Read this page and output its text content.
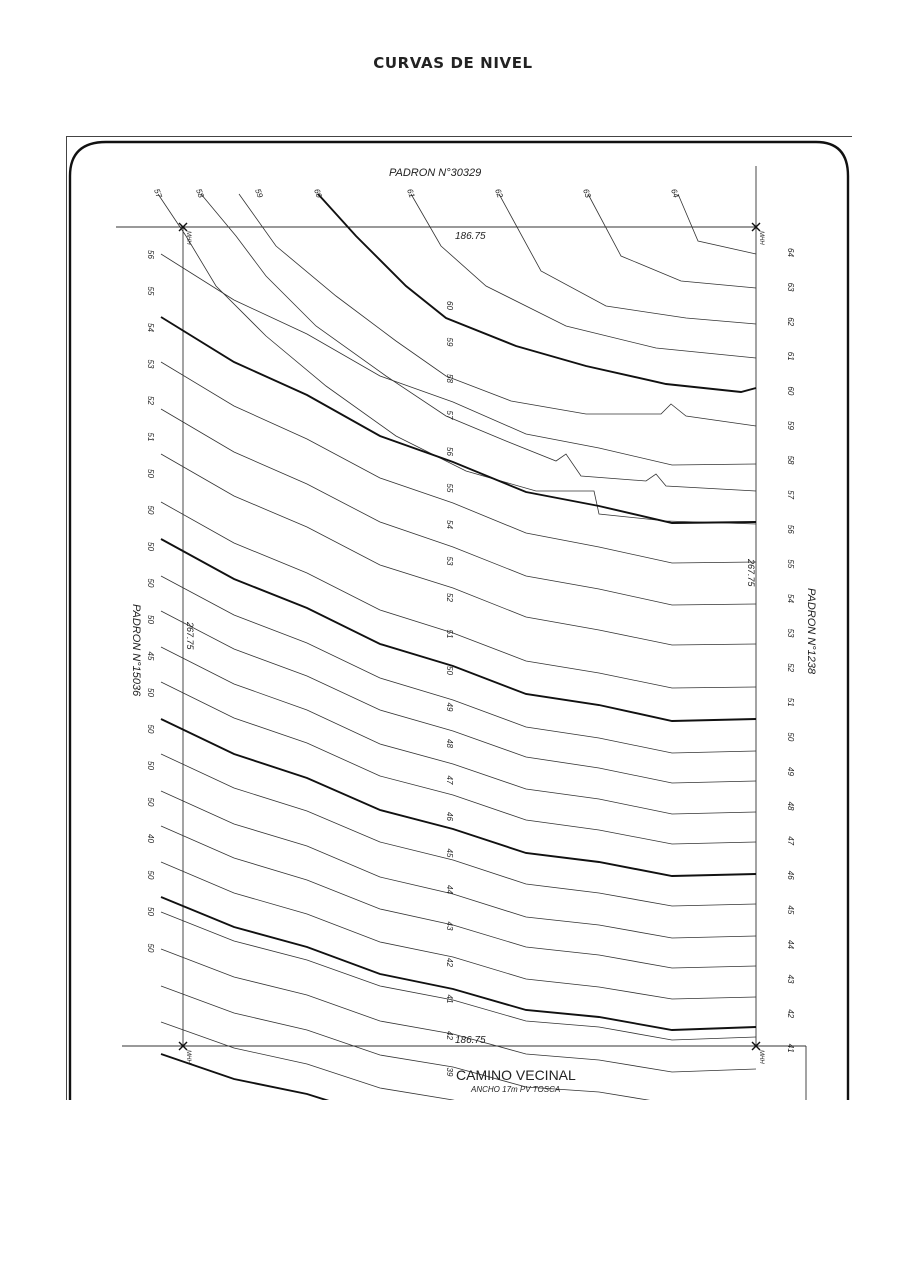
CURVAS DE NIVEL
MHH	MHH
MHH	MHH
57	58	59	60	61	62	63	64
56
55
54
53
52
51
50
50
50
50
50
45
50
50
50
50
40
50
50
50
60
59
58
57
56
55
54
53
52
51
50
49
48
47
46
45
44
43
42
41
42
39
64
63
62
61
60
59
58
57
56
55
54
53
52
51
50
49
48
47
46
45
44
43
42
41
PADRON N°30329
186.75
186.75
PADRON N°1238
267.75
PADRON N°15036	267.75
CAMINO VECINAL
ANCHO 17m PV TOSCA
